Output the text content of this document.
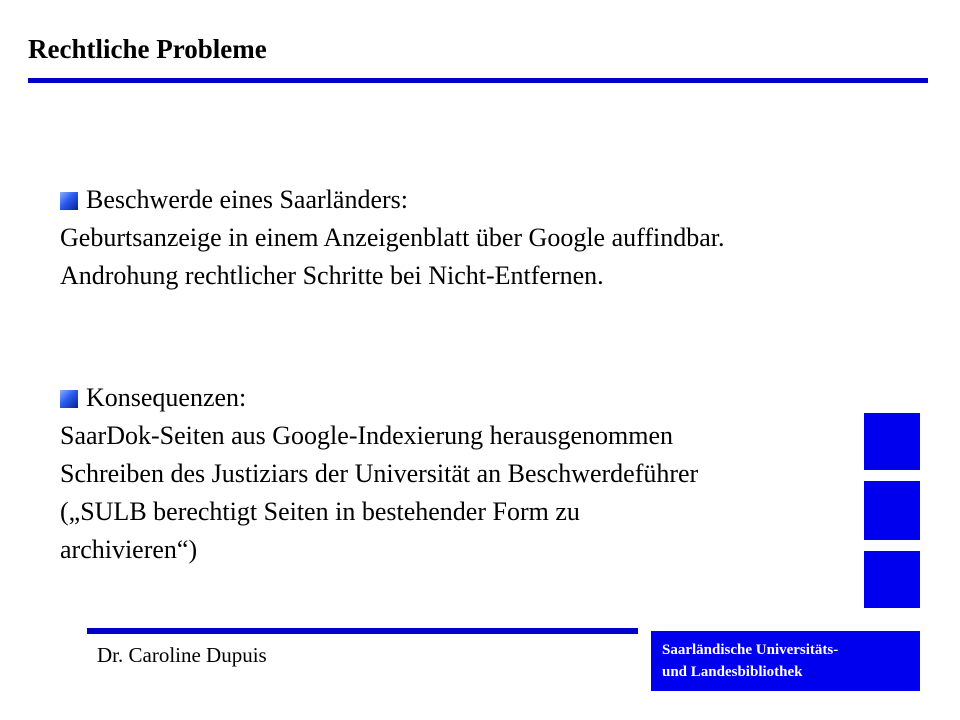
Rechtliche Probleme

Beschwerde eines Saarländers:
Geburtsanzeige in einem Anzeigenblatt über Google auffindbar. Androhung rechtlicher Schritte bei Nicht-Entfernen.

Konsequenzen:
SaarDok-Seiten aus Google-Indexierung herausgenommen
Schreiben des Justiziars der Universität an Beschwerdeführer („SULB berechtigt Seiten in bestehender Form zu archivieren“)

Dr. Caroline Dupuis	Saarländische Universitäts-
und Landesbibliothek
